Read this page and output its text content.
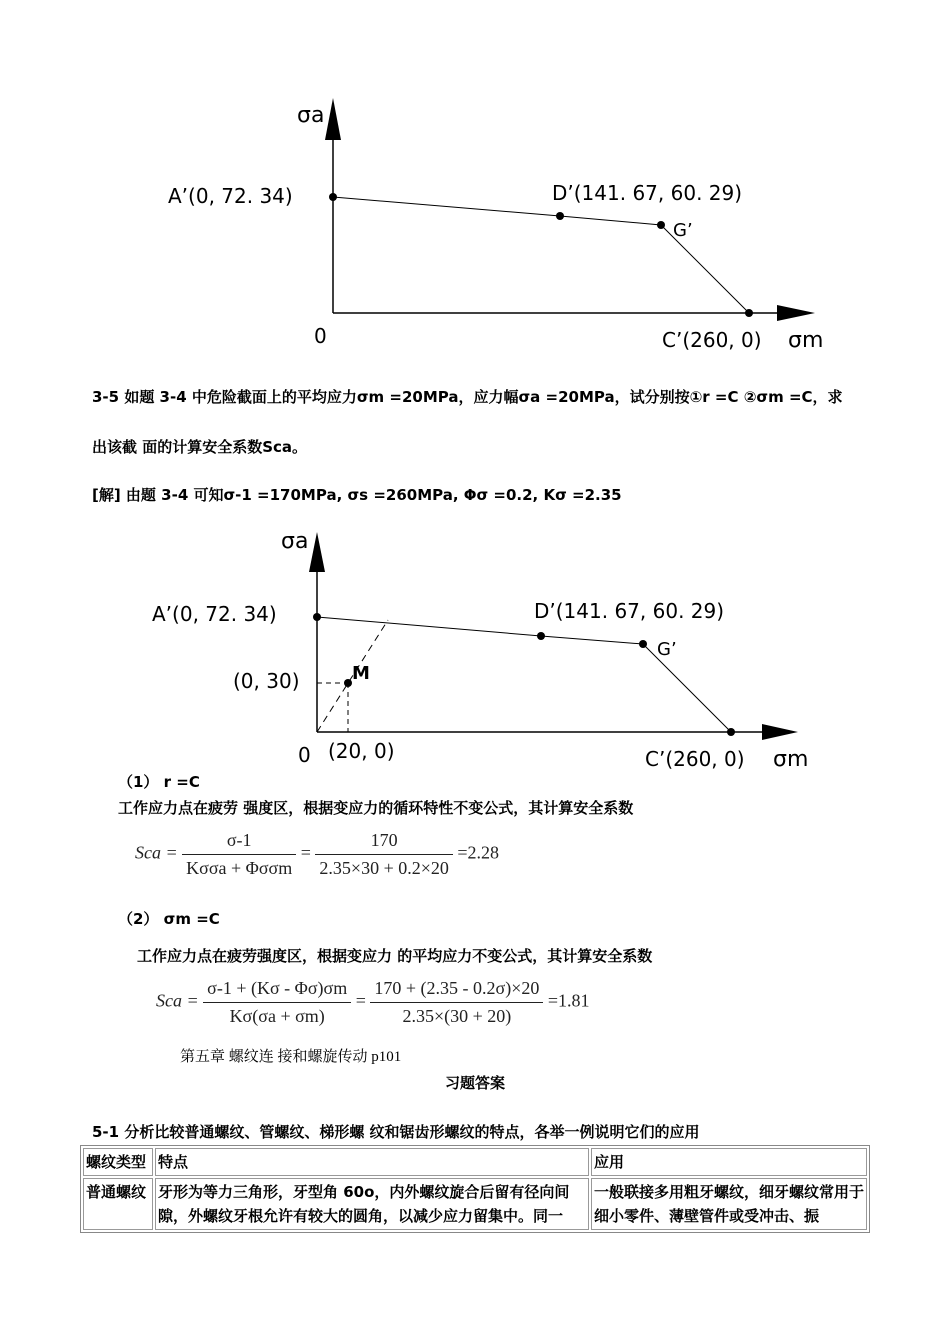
σa
0
A’(0, 72. 34)	D’(141. 67, 60. 29)
G’
C’(260, 0) σm
3-5 如题 3-4 中危险截面上的平均应力σm =20MPa，应力幅σa =20MPa，试分别按①r =C ②σm =C，求
出该截 面的计算安全系数Sca。
[解] 由题 3-4 可知σ-1 =170MPa, σs =260MPa, Φσ =0.2, Kσ =2.35
σa
A’(0, 72. 34)	D’(141. 67, 60. 29)
G’
M
(0, 30)
0 (20, 0)	C’(260, 0) σm
（1） r =C
工作应力点在疲劳 强度区，根据变应力的循环特性不变公式，其计算安全系数
Sca = $\frac{\sigma-1}{\text{Kσσa + Φσσm}} = \frac{170}{2.35\times 30 + 0.2\times 20} =2.28$
（2） σm =C
工作应力点在疲劳强度区，根据变应力 的平均应力不变公式，其计算安全系数
Sca = $\frac{\sigma-1 + (K\sigma - \Phi\sigma)\sigma m}{K\sigma(\sigma a + \sigma m)} = \frac{170 + (2.35 - 0.2\sigma)\times 20}{2.35\times(30 + 20)} =1.81$
第五章 螺纹连 接和螺旋传动 p101
习题答案
5-1 分析比较普通螺纹、管螺纹、梯形螺 纹和锯齿形螺纹的特点，各举一例说明它们的应用
螺纹类型	特点	应用
普通螺纹	牙形为等力三角形，牙型角 60o，内外螺纹旋合后留有径向间隙，外螺纹牙根允许有较大的圆角，以减少应力留集中。同一	一般联接多用粗牙螺纹，细牙螺纹常用于细小零件、薄壁管件或受冲击、振
